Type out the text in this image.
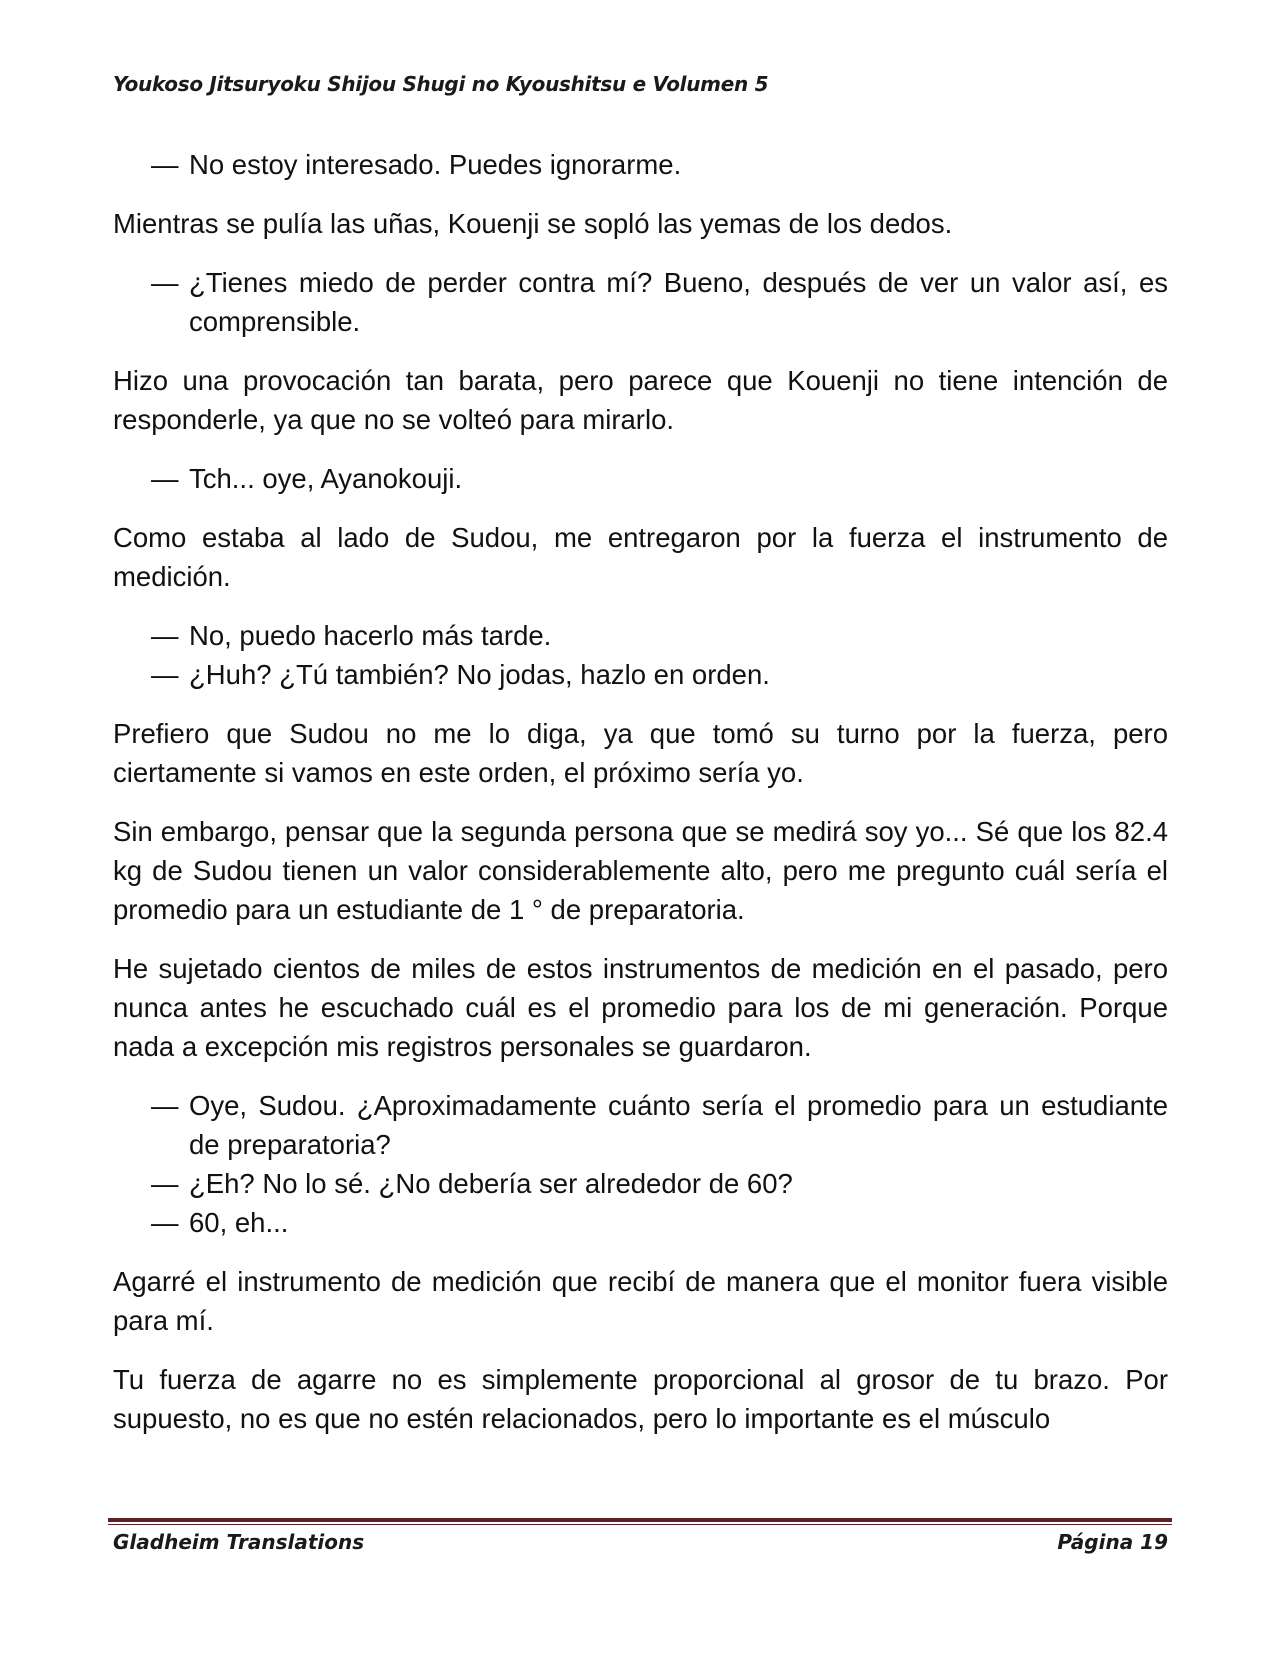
Youkoso Jitsuryoku Shijou Shugi no Kyoushitsu e Volumen 5
— No estoy interesado. Puedes ignorarme.

Mientras se pulía las uñas, Kouenji se sopló las yemas de los dedos.

— ¿Tienes miedo de perder contra mí? Bueno, después de ver un valor así, es comprensible.

Hizo una provocación tan barata, pero parece que Kouenji no tiene intención de responderle, ya que no se volteó para mirarlo.

— Tch... oye, Ayanokouji.

Como estaba al lado de Sudou, me entregaron por la fuerza el instrumento de medición.

— No, puedo hacerlo más tarde.
— ¿Huh? ¿Tú también? No jodas, hazlo en orden.

Prefiero que Sudou no me lo diga, ya que tomó su turno por la fuerza, pero ciertamente si vamos en este orden, el próximo sería yo.

Sin embargo, pensar que la segunda persona que se medirá soy yo... Sé que los 82.4 kg de Sudou tienen un valor considerablemente alto, pero me pregunto cuál sería el promedio para un estudiante de 1 ° de preparatoria.

He sujetado cientos de miles de estos instrumentos de medición en el pasado, pero nunca antes he escuchado cuál es el promedio para los de mi generación. Porque nada a excepción mis registros personales se guardaron.

— Oye, Sudou. ¿Aproximadamente cuánto sería el promedio para un estudiante de preparatoria?
— ¿Eh? No lo sé. ¿No debería ser alrededor de 60?
— 60, eh...

Agarré el instrumento de medición que recibí de manera que el monitor fuera visible para mí.

Tu fuerza de agarre no es simplemente proporcional al grosor de tu brazo. Por supuesto, no es que no estén relacionados, pero lo importante es el músculo

Gladheim Translations	Página 19
